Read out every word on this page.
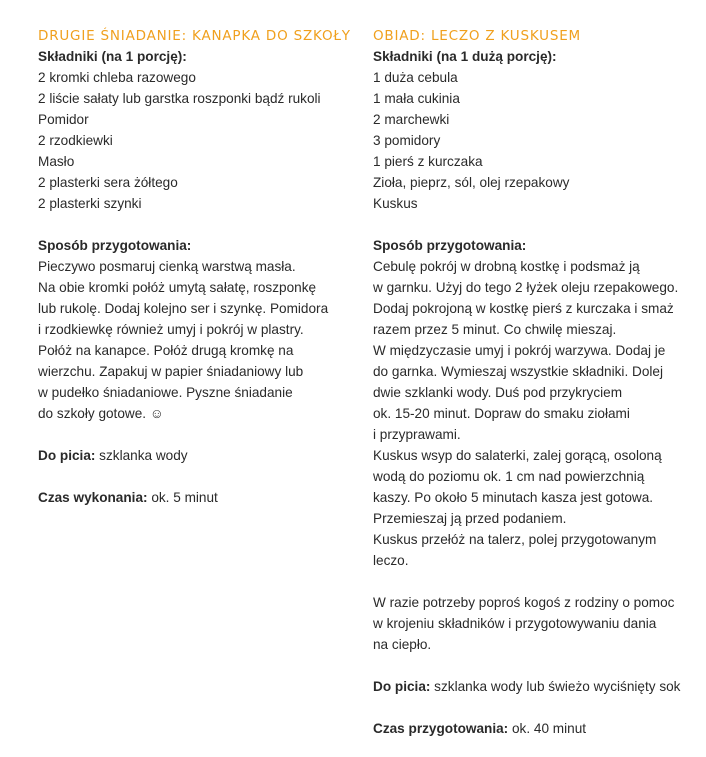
DRUGIE ŚNIADANIE: KANAPKA DO SZKOŁY
Składniki (na 1 porcję):
2 kromki chleba razowego
2 liście sałaty lub garstka roszponki bądź rukoli
Pomidor
2 rzodkiewki
Masło
2 plasterki sera żółtego
2 plasterki szynki
Sposób przygotowania:
Pieczywo posmaruj cienką warstwą masła.
Na obie kromki połóż umytą sałatę, roszponkę
lub rukolę. Dodaj kolejno ser i szynkę. Pomidora
i rzodkiewkę również umyj i pokrój w plastry.
Połóż na kanapce. Połóż drugą kromkę na
wierzchu. Zapakuj w papier śniadaniowy lub
w pudełko śniadaniowe. Pyszne śniadanie
do szkoły gotowe. ☺
Do picia: szklanka wody
Czas wykonania: ok. 5 minut
OBIAD: LECZO Z KUSKUSEM
Składniki (na 1 dużą porcję):
1 duża cebula
1 mała cukinia
2 marchewki
3 pomidory
1 pierś z kurczaka
Zioła, pieprz, sól, olej rzepakowy
Kuskus
Sposób przygotowania:
Cebulę pokrój w drobną kostkę i podsmaż ją
w garnku. Użyj do tego 2 łyżek oleju rzepakowego.
Dodaj pokrojoną w kostkę pierś z kurczaka i smaż
razem przez 5 minut. Co chwilę mieszaj.
W międzyczasie umyj i pokrój warzywa. Dodaj je
do garnka. Wymieszaj wszystkie składniki. Dolej
dwie szklanki wody. Duś pod przykryciem
ok. 15-20 minut. Dopraw do smaku ziołami
i przyprawami.
Kuskus wsyp do salaterki, zalej gorącą, osoloną
wodą do poziomu ok. 1 cm nad powierzchnią
kaszy. Po około 5 minutach kasza jest gotowa.
Przemieszaj ją przed podaniem.
Kuskus przełóż na talerz, polej przygotowanym
leczo.
W razie potrzeby poproś kogoś z rodziny o pomoc
w krojeniu składników i przygotowywaniu dania
na ciepło.
Do picia: szklanka wody lub świeżo wyciśnięty sok
Czas przygotowania: ok. 40 minut
